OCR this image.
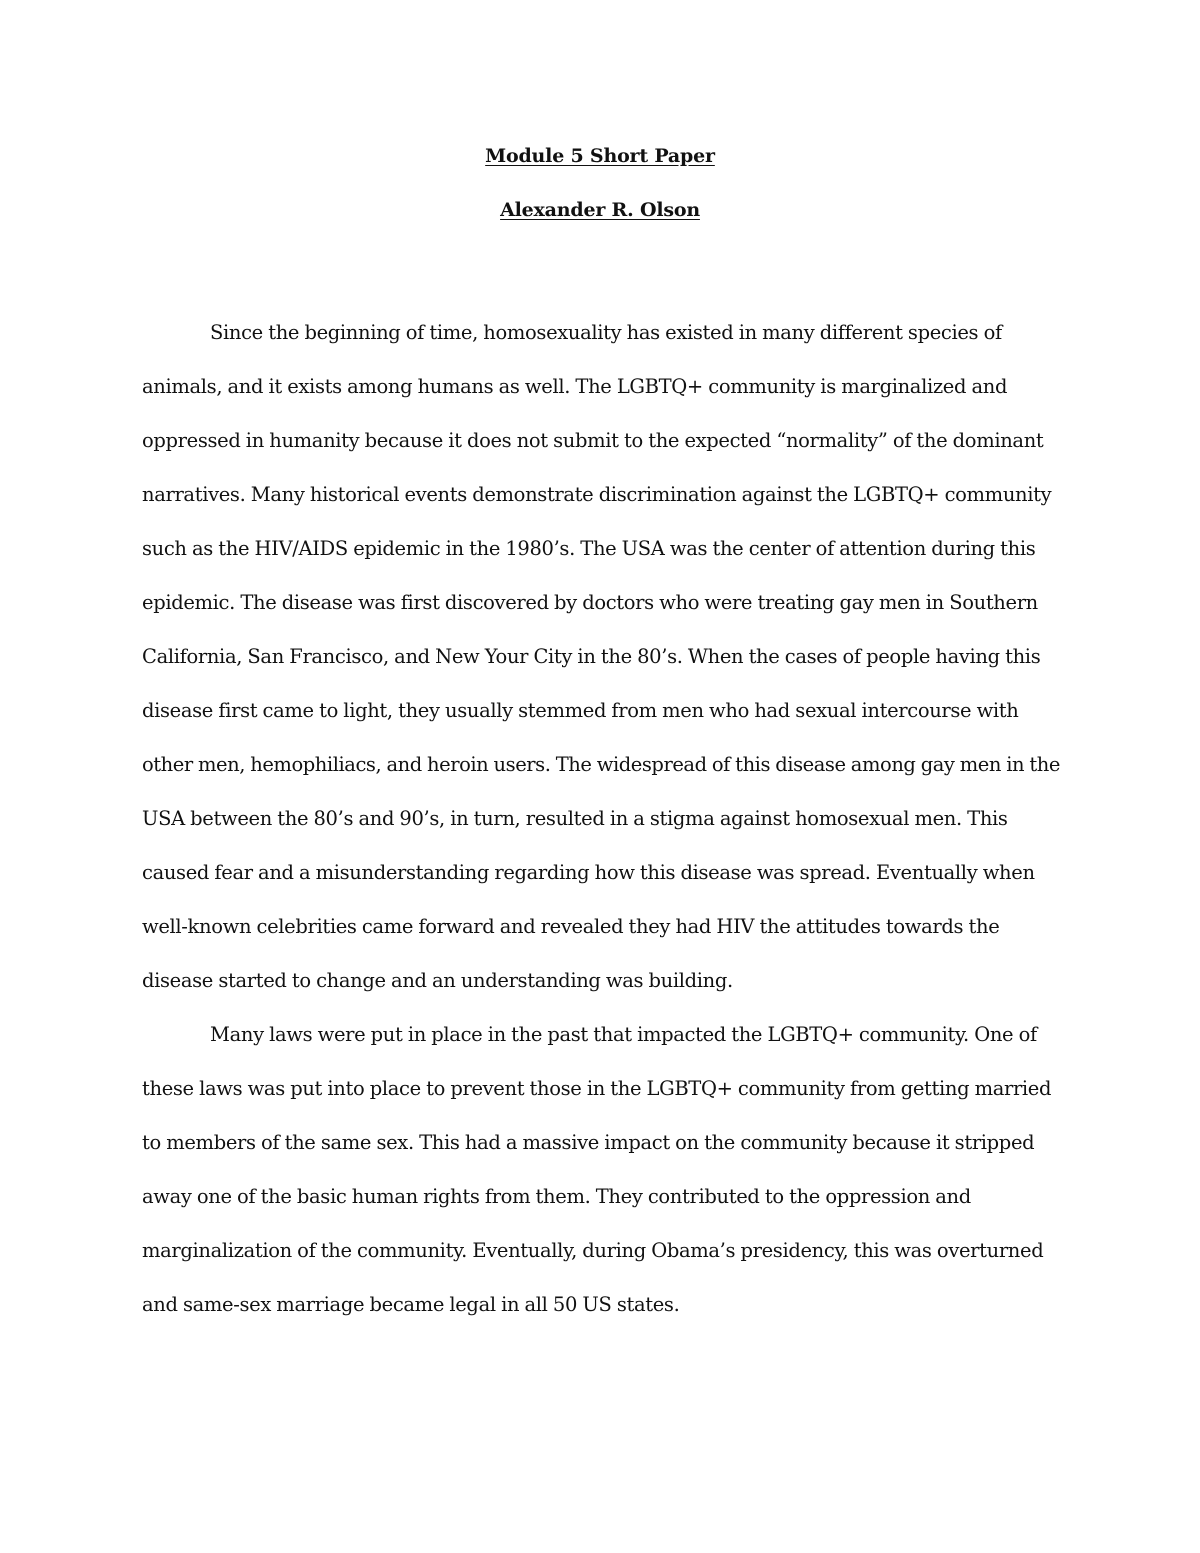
Module 5 Short Paper
Alexander R. Olson
Since the beginning of time, homosexuality has existed in many different species of
animals, and it exists among humans as well. The LGBTQ+ community is marginalized and
oppressed in humanity because it does not submit to the expected “normality” of the dominant
narratives. Many historical events demonstrate discrimination against the LGBTQ+ community
such as the HIV/AIDS epidemic in the 1980’s. The USA was the center of attention during this
epidemic. The disease was first discovered by doctors who were treating gay men in Southern
California, San Francisco, and New Your City in the 80’s. When the cases of people having this
disease first came to light, they usually stemmed from men who had sexual intercourse with
other men, hemophiliacs, and heroin users. The widespread of this disease among gay men in the
USA between the 80’s and 90’s, in turn, resulted in a stigma against homosexual men. This
caused fear and a misunderstanding regarding how this disease was spread. Eventually when
well-known celebrities came forward and revealed they had HIV the attitudes towards the
disease started to change and an understanding was building.
Many laws were put in place in the past that impacted the LGBTQ+ community. One of
these laws was put into place to prevent those in the LGBTQ+ community from getting married
to members of the same sex. This had a massive impact on the community because it stripped
away one of the basic human rights from them. They contributed to the oppression and
marginalization of the community. Eventually, during Obama’s presidency, this was overturned
and same-sex marriage became legal in all 50 US states.
